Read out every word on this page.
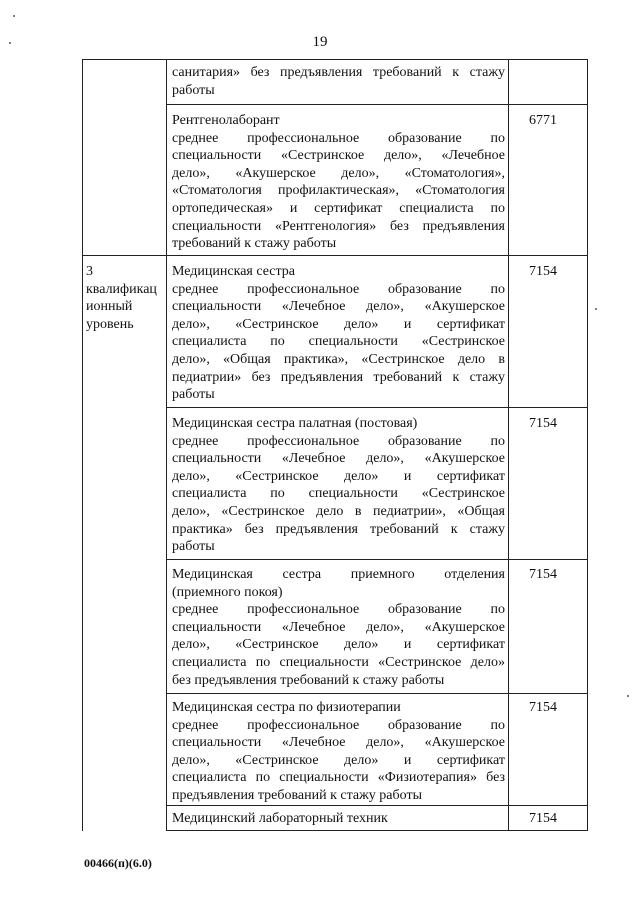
19
санитария» без предъявления требований к стажу
работы
Рентгенолаборант
среднее профессиональное образование по
специальности «Сестринское дело», «Лечебное
дело», «Акушерское дело», «Стоматология»,
«Стоматология профилактическая», «Стоматология
ортопедическая» и сертификат специалиста по
специальности «Рентгенология» без предъявления
требований к стажу работы
6771
3
квалификац
ионный
уровень
Медицинская сестра
среднее профессиональное образование по
специальности «Лечебное дело», «Акушерское
дело», «Сестринское дело» и сертификат
специалиста по специальности «Сестринское
дело», «Общая практика», «Сестринское дело в
педиатрии» без предъявления требований к стажу
работы
7154
Медицинская сестра палатная (постовая)
среднее профессиональное образование по
специальности «Лечебное дело», «Акушерское
дело», «Сестринское дело» и сертификат
специалиста по специальности «Сестринское
дело», «Сестринское дело в педиатрии», «Общая
практика» без предъявления требований к стажу
работы
7154
Медицинская сестра приемного отделения
(приемного покоя)
среднее профессиональное образование по
специальности «Лечебное дело», «Акушерское
дело», «Сестринское дело» и сертификат
специалиста по специальности «Сестринское дело»
без предъявления требований к стажу работы
7154
Медицинская сестра по физиотерапии
среднее профессиональное образование по
специальности «Лечебное дело», «Акушерское
дело», «Сестринское дело» и сертификат
специалиста по специальности «Физиотерапия» без
предъявления требований к стажу работы
7154
Медицинский лабораторный техник	7154
00466(п)(6.0)
